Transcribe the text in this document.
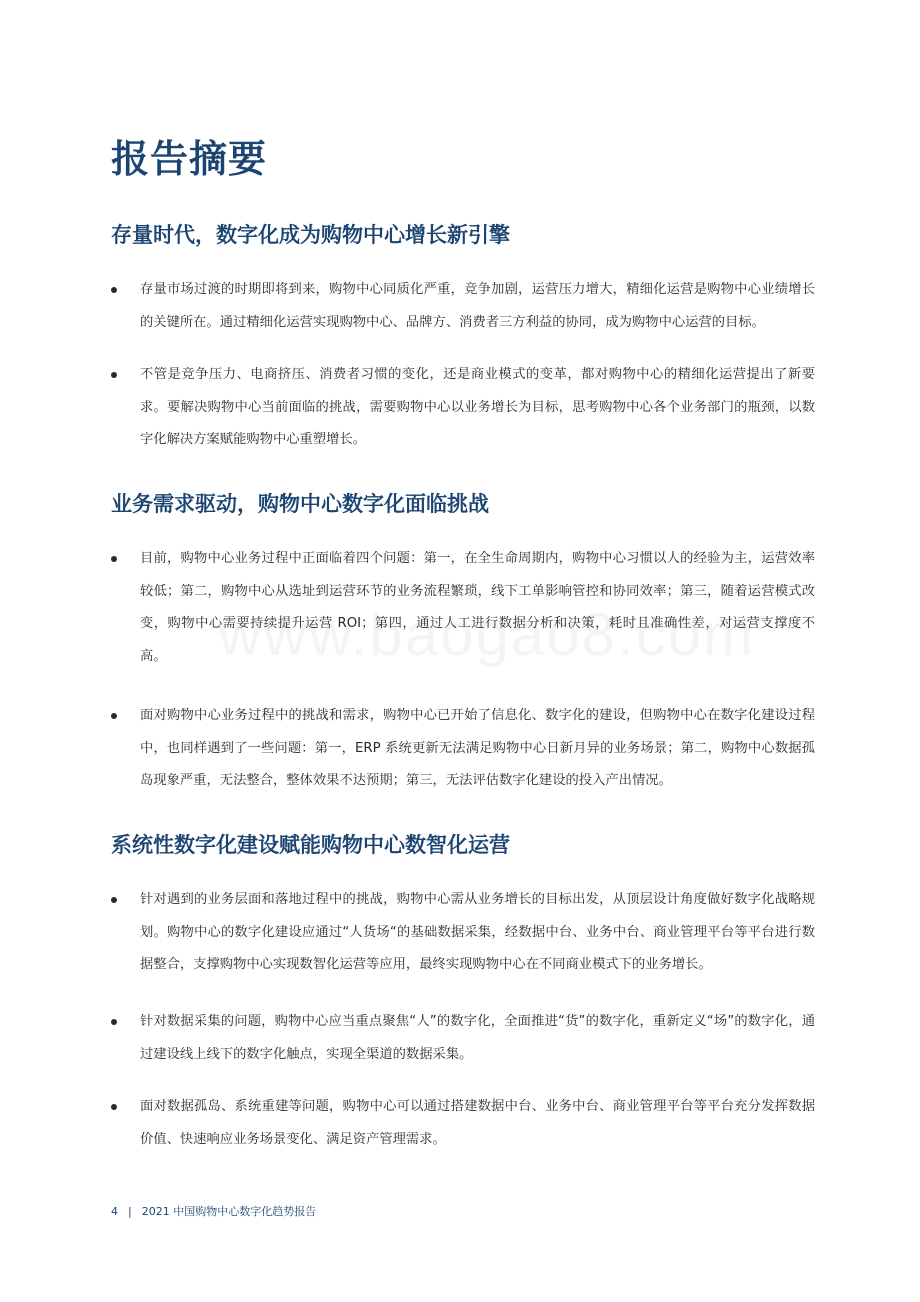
报告摘要
存量时代，数字化成为购物中心增长新引擎

存量市场过渡的时期即将到来，购物中心同质化严重，竞争加剧，运营压力增大，精细化运营是购物中心业绩增长的关键所在。通过精细化运营实现购物中心、品牌方、消费者三方利益的协同，成为购物中心运营的目标。

不管是竞争压力、电商挤压、消费者习惯的变化，还是商业模式的变革，都对购物中心的精细化运营提出了新要求。要解决购物中心当前面临的挑战，需要购物中心以业务增长为目标，思考购物中心各个业务部门的瓶颈，以数字化解决方案赋能购物中心重塑增长。

业务需求驱动，购物中心数字化面临挑战

目前，购物中心业务过程中正面临着四个问题：第一，在全生命周期内，购物中心习惯以人的经验为主，运营效率较低；第二，购物中心从选址到运营环节的业务流程繁琐，线下工单影响管控和协同效率；第三，随着运营模式改变，购物中心需要持续提升运营 ROI；第四，通过人工进行数据分析和决策，耗时且准确性差，对运营支撑度不高。

面对购物中心业务过程中的挑战和需求，购物中心已开始了信息化、数字化的建设，但购物中心在数字化建设过程中，也同样遇到了一些问题：第一，ERP 系统更新无法满足购物中心日新月异的业务场景；第二，购物中心数据孤岛现象严重，无法整合，整体效果不达预期；第三，无法评估数字化建设的投入产出情况。

系统性数字化建设赋能购物中心数智化运营

针对遇到的业务层面和落地过程中的挑战，购物中心需从业务增长的目标出发，从顶层设计角度做好数字化战略规划。购物中心的数字化建设应通过“人货场“的基础数据采集，经数据中台、业务中台、商业管理平台等平台进行数据整合，支撑购物中心实现数智化运营等应用，最终实现购物中心在不同商业模式下的业务增长。

针对数据采集的问题，购物中心应当重点聚焦“人”的数字化，全面推进“货”的数字化，重新定义“场”的数字化，通过建设线上线下的数字化触点，实现全渠道的数据采集。

面对数据孤岛、系统重建等问题，购物中心可以通过搭建数据中台、业务中台、商业管理平台等平台充分发挥数据价值、快速响应业务场景变化、满足资产管理需求。

4 | 2021 中国购物中心数字化趋势报告
